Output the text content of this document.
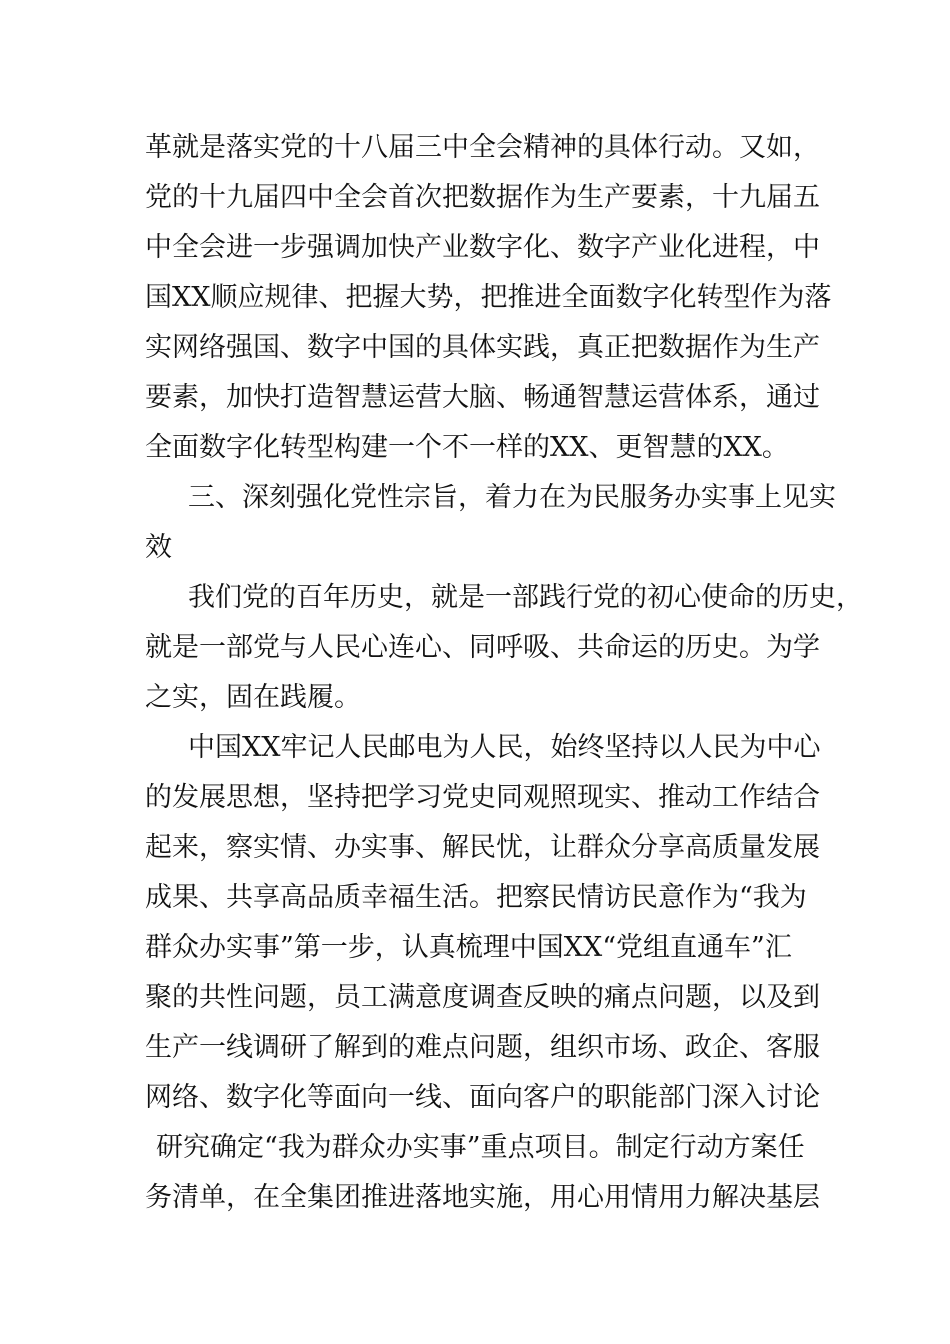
革就是落实党的十八届三中全会精神的具体行动。又如，
党的十九届四中全会首次把数据作为生产要素，十九届五
中全会进一步强调加快产业数字化、数字产业化进程，中
国XX顺应规律、把握大势，把推进全面数字化转型作为落
实网络强国、数字中国的具体实践，真正把数据作为生产
要素，加快打造智慧运营大脑、畅通智慧运营体系，通过
全面数字化转型构建一个不一样的XX、更智慧的XX。
三、深刻强化党性宗旨，着力在为民服务办实事上见实
效
我们党的百年历史，就是一部践行党的初心使命的历史，
就是一部党与人民心连心、同呼吸、共命运的历史。为学
之实，固在践履。
中国XX牢记人民邮电为人民，始终坚持以人民为中心
的发展思想，坚持把学习党史同观照现实、推动工作结合
起来，察实情、办实事、解民忧，让群众分享高质量发展
成果、共享高品质幸福生活。把察民情访民意作为“我为
群众办实事”第一步，认真梳理中国XX“党组直通车”汇
聚的共性问题，员工满意度调查反映的痛点问题，以及到
生产一线调研了解到的难点问题，组织市场、政企、客服
网络、数字化等面向一线、面向客户的职能部门深入讨论
研究确定“我为群众办实事”重点项目。制定行动方案任
务清单，在全集团推进落地实施，用心用情用力解决基层
